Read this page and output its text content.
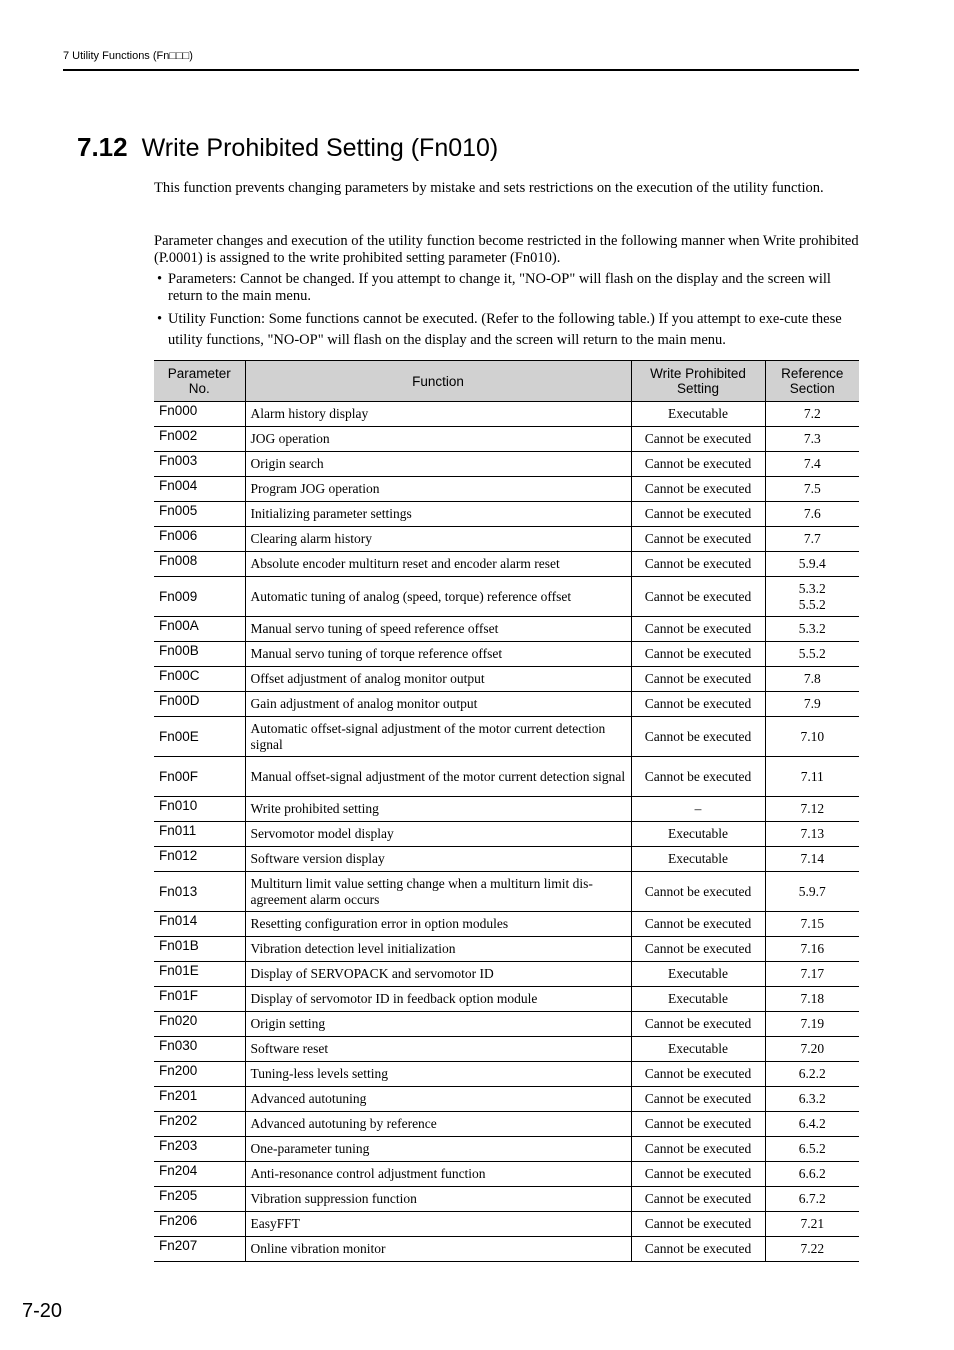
7 Utility Functions (Fn□□□)
7.12 Write Prohibited Setting (Fn010)
This function prevents changing parameters by mistake and sets restrictions on the execution of the utility function.
Parameter changes and execution of the utility function become restricted in the following manner when Write prohibited (P.0001) is assigned to the write prohibited setting parameter (Fn010).
• Parameters: Cannot be changed. If you attempt to change it, "NO-OP" will flash on the display and the screen will return to the main menu.
• Utility Function: Some functions cannot be executed. (Refer to the following table.) If you attempt to exe-cute these utility functions, "NO-OP" will flash on the display and the screen will return to the main menu.
Parameter No.	Function	Write Prohibited Setting	Reference Section
Fn000	Alarm history display	Executable	7.2
Fn002	JOG operation	Cannot be executed	7.3
Fn003	Origin search	Cannot be executed	7.4
Fn004	Program JOG operation	Cannot be executed	7.5
Fn005	Initializing parameter settings	Cannot be executed	7.6
Fn006	Clearing alarm history	Cannot be executed	7.7
Fn008	Absolute encoder multiturn reset and encoder alarm reset	Cannot be executed	5.9.4
Fn009	Automatic tuning of analog (speed, torque) reference offset	Cannot be executed	5.3.2
5.5.2
Fn00A	Manual servo tuning of speed reference offset	Cannot be executed	5.3.2
Fn00B	Manual servo tuning of torque reference offset	Cannot be executed	5.5.2
Fn00C	Offset adjustment of analog monitor output	Cannot be executed	7.8
Fn00D	Gain adjustment of analog monitor output	Cannot be executed	7.9
Fn00E	Automatic offset-signal adjustment of the motor current detection signal	Cannot be executed	7.10
Fn00F	Manual offset-signal adjustment of the motor current detection signal	Cannot be executed	7.11
Fn010	Write prohibited setting	–	7.12
Fn011	Servomotor model display	Executable	7.13
Fn012	Software version display	Executable	7.14
Fn013	Multiturn limit value setting change when a multiturn limit dis-agreement alarm occurs	Cannot be executed	5.9.7
Fn014	Resetting configuration error in option modules	Cannot be executed	7.15
Fn01B	Vibration detection level initialization	Cannot be executed	7.16
Fn01E	Display of SERVOPACK and servomotor ID	Executable	7.17
Fn01F	Display of servomotor ID in feedback option module	Executable	7.18
Fn020	Origin setting	Cannot be executed	7.19
Fn030	Software reset	Executable	7.20
Fn200	Tuning-less levels setting	Cannot be executed	6.2.2
Fn201	Advanced autotuning	Cannot be executed	6.3.2
Fn202	Advanced autotuning by reference	Cannot be executed	6.4.2
Fn203	One-parameter tuning	Cannot be executed	6.5.2
Fn204	Anti-resonance control adjustment function	Cannot be executed	6.6.2
Fn205	Vibration suppression function	Cannot be executed	6.7.2
Fn206	EasyFFT	Cannot be executed	7.21
Fn207	Online vibration monitor	Cannot be executed	7.22
7-20
